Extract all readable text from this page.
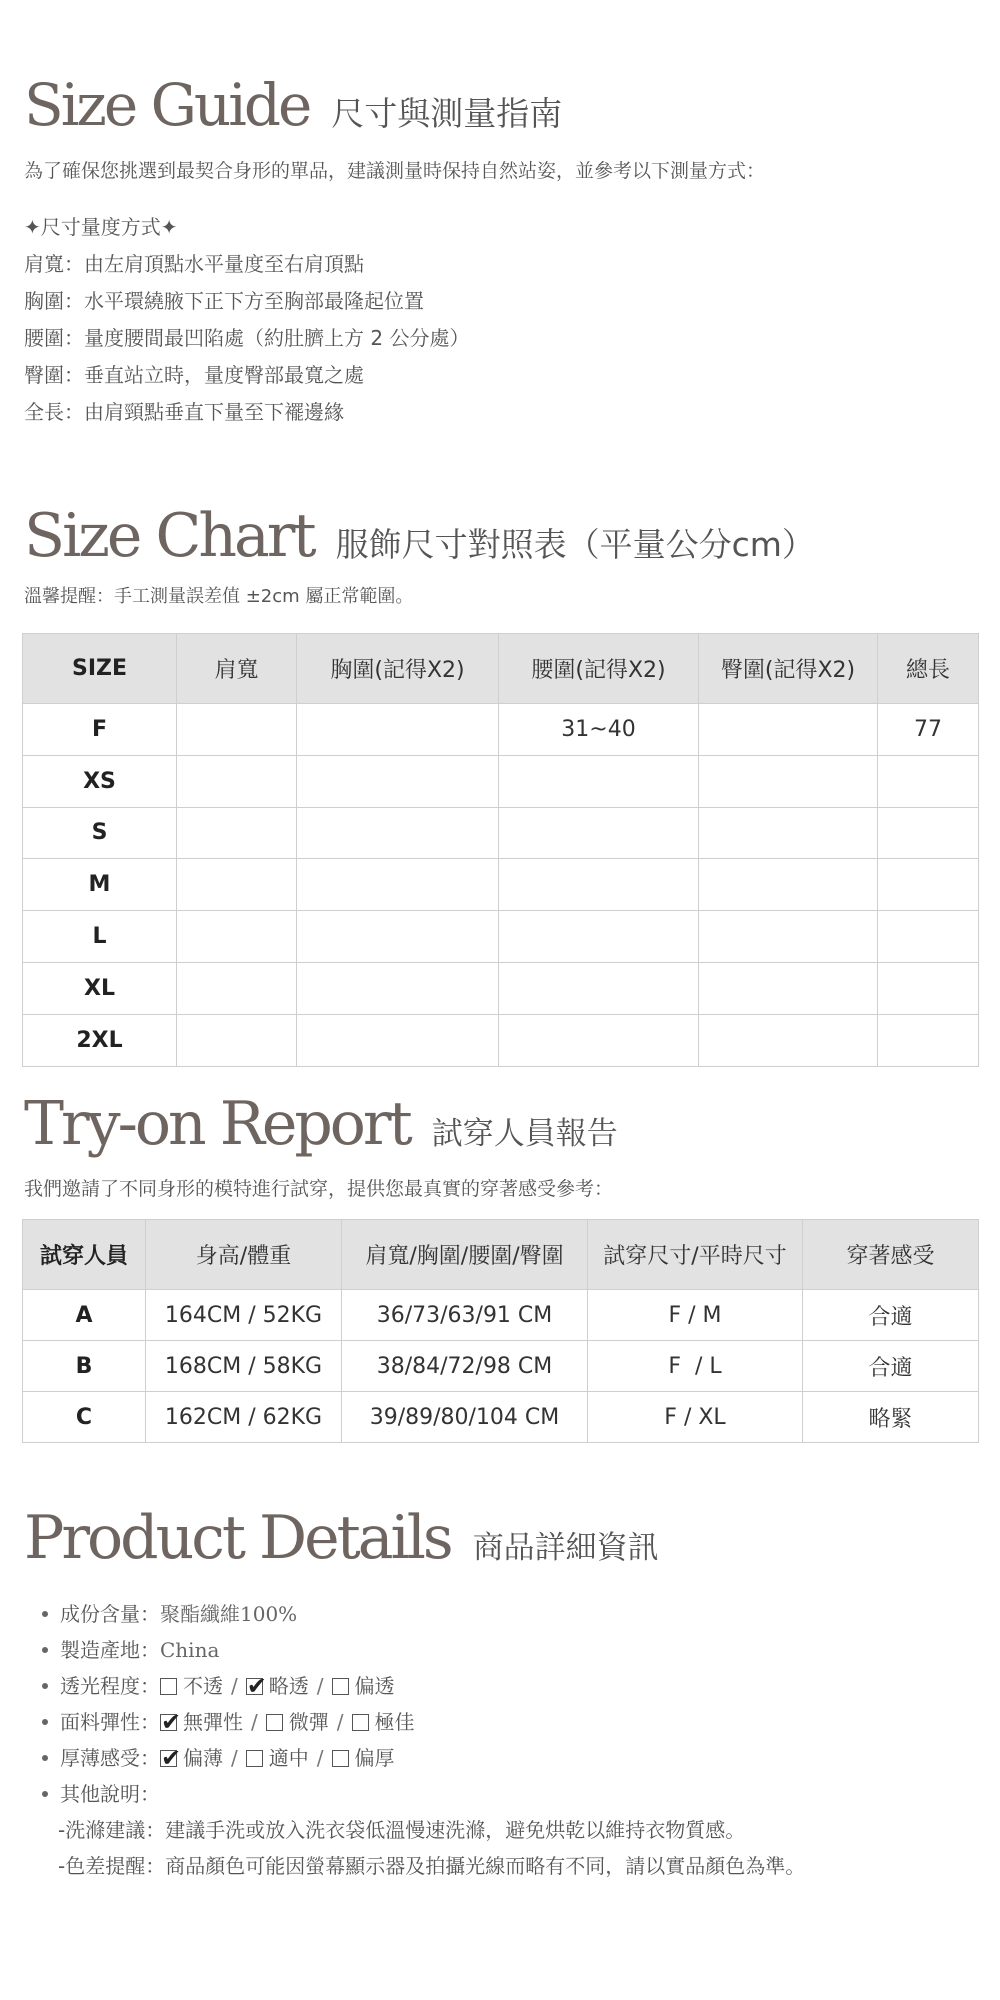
Size Guide 尺寸與測量指南
為了確保您挑選到最契合身形的單品，建議測量時保持自然站姿，並參考以下測量方式：
✦尺寸量度方式✦
肩寬：由左肩頂點水平量度至右肩頂點
胸圍：水平環繞腋下正下方至胸部最隆起位置
腰圍：量度腰間最凹陷處（約肚臍上方 2 公分處）
臀圍：垂直站立時，量度臀部最寬之處
全長：由肩頸點垂直下量至下襬邊緣
Size Chart 服飾尺寸對照表（平量公分cm）
溫馨提醒：手工測量誤差值 ±2cm 屬正常範圍。
SIZE	肩寬	胸圍(記得X2)	腰圍(記得X2)	臀圍(記得X2)	總長
F			31~40		77
XS					
S					
M					
L					
XL					
2XL					
Try-on Report 試穿人員報告
我們邀請了不同身形的模特進行試穿，提供您最真實的穿著感受參考：
試穿人員	身高/體重	肩寬/胸圍/腰圍/臀圍	試穿尺寸/平時尺寸	穿著感受
A	164CM / 52KG	36/73/63/91 CM	F / M	合適
B	168CM / 58KG	38/84/72/98 CM	F  / L	合適
C	162CM / 62KG	39/89/80/104 CM	F / XL	略緊
Product Details 商品詳細資訊
成份含量： 聚酯纖維100%
製造產地： China
透光程度： 不透 / ✔ 略透 / 偏透
面料彈性： ✔ 無彈性 / 微彈 / 極佳
厚薄感受： ✔ 偏薄 / 適中 / 偏厚
其他說明：
-洗滌建議：建議手洗或放入洗衣袋低溫慢速洗滌，避免烘乾以維持衣物質感。
-色差提醒：商品顏色可能因螢幕顯示器及拍攝光線而略有不同，請以實品顏色為準。
